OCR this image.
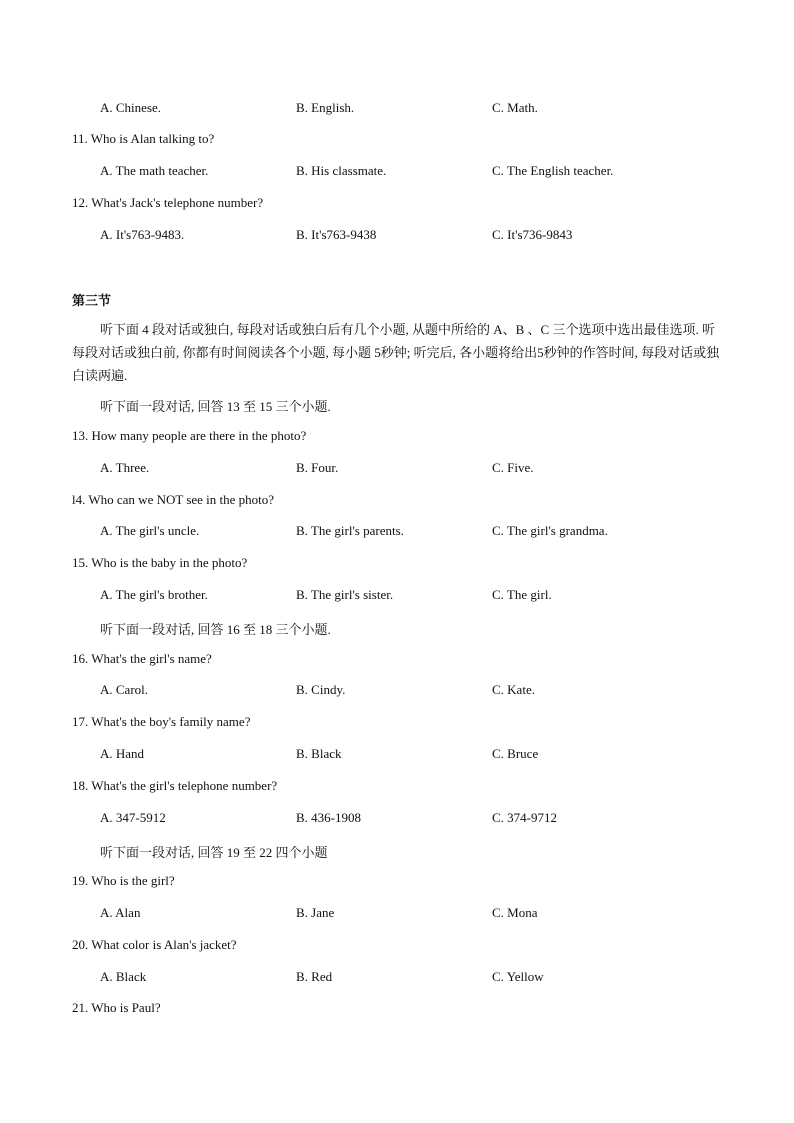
A. Chinese.	B. English.	C. Math.
11. Who is Alan talking to?
A. The math teacher.	B. His classmate.	C. The English teacher.
12. What's Jack's telephone number?
A. It's763-9483.	B. It's763-9438	C. It's736-9843
第三节
听下面 4 段对话或独白, 每段对话或独白后有几个小题, 从题中所给的 A、B 、C 三个选项中选出最佳选项. 听每段对话或独白前, 你都有时间阅读各个小题, 每小题 5秒钟; 听完后, 各小题将给出5秒钟的作答时间, 每段对话或独白读两遍.
听下面一段对话, 回答 13 至 15 三个小题.
13. How many people are there in the photo?
A. Three.	B. Four.	C. Five.
l4. Who can we NOT see in the photo?
A. The girl's uncle.	B. The girl's parents.	C. The girl's grandma.
15. Who is the baby in the photo?
A. The girl's brother.	B. The girl's sister.	C. The girl.
听下面一段对话, 回答 16 至 18 三个小题.
16. What's the girl's name?
A. Carol.	B. Cindy.	C. Kate.
17. What's the boy's family name?
A. Hand	B. Black	C. Bruce
18. What's the girl's telephone number?
A. 347-5912	B. 436-1908	C. 374-9712
听下面一段对话, 回答 19 至 22 四个小题
19. Who is the girl?
A. Alan	B. Jane	C. Mona
20. What color is Alan's jacket?
A. Black	B. Red	C. Yellow
21. Who is Paul?
